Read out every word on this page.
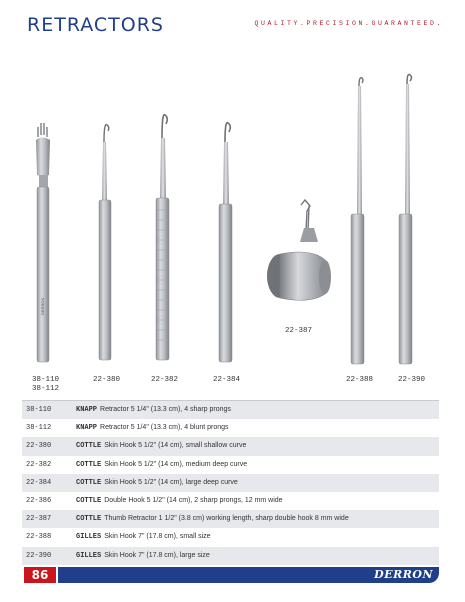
RETRACTORS	QUALITY.PRECISION.GUARANTEED.
DERRON
38-110
38-112
22-380	22-382	22-384
22-387
22-388	22-390
38-110	KNAPP Retractor 5 1/4" (13.3 cm), 4 sharp prongs
38-112	KNAPP Retractor 5 1/4" (13.3 cm), 4 blunt prongs
22-380	COTTLE Skin Hook 5 1/2" (14 cm), small shallow curve
22-382	COTTLE Skin Hook 5 1/2" (14 cm), medium deep curve
22-384	COTTLE Skin Hook 5 1/2" (14 cm), large deep curve
22-386	COTTLE Double Hook 5 1/2" (14 cm), 2 sharp prongs, 12 mm wide
22-387	COTTLE Thumb Retractor 1 1/2" (3.8 cm) working length, sharp double hook 8 mm wide
22-388	GILLES Skin Hook 7" (17.8 cm), small size
22-390	GILLES Skin Hook 7" (17.8 cm), large size
86	DERRON
